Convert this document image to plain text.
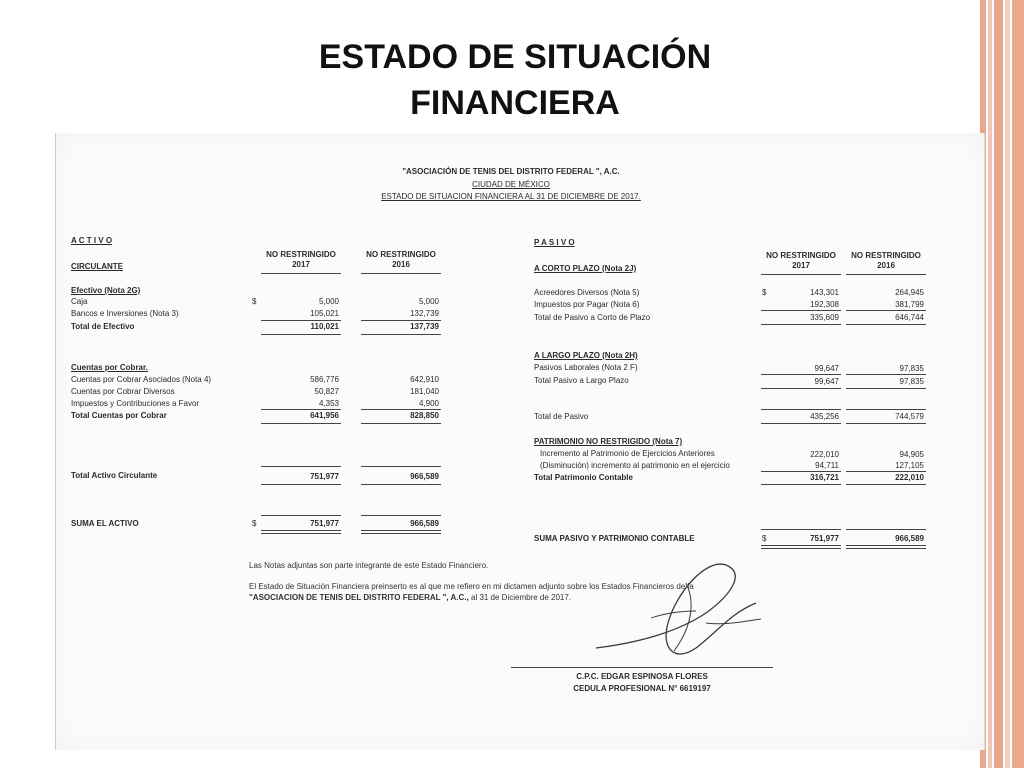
ESTADO DE SITUACIÓN
FINANCIERA
"ASOCIACIÓN DE TENIS DEL DISTRITO FEDERAL ", A.C.
CIUDAD DE MÉXICO
ESTADO DE SITUACION FINANCIERA AL 31 DE DICIEMBRE DE 2017.
A C T I V O
CIRCULANTE
NO RESTRINGIDO
2017
NO RESTRINGIDO
2016
Efectivo (Nota 2G)
$
Caja	5,000	5,000
Bancos e Inversiones (Nota 3)	105,021	132,739
Total de Efectivo	110,021	137,739
Cuentas por Cobrar.
Cuentas por Cobrar Asociados (Nota 4)	586,776	642,910
Cuentas por Cobrar Diversos	50,827	181,040
Impuestos y Contribuciones a Favor	4,353	4,900
Total Cuentas por Cobrar	641,956	828,850
Total Activo Circulante	751,977	966,589
SUMA EL ACTIVO	$	751,977	966,589
P A S I V O
NO RESTRINGIDO
2017
NO RESTRINGIDO
2016
A CORTO PLAZO (Nota 2J)
$
Acreedores Diversos (Nota 5)	143,301	264,945
Impuestos por Pagar (Nota 6)	192,308	381,799
Total de Pasivo a Corto de Plazo	335,609	646,744
A LARGO PLAZO (Nota 2H)
Pasivos Laborales (Nota 2 F)	99,647	97,835
Total Pasivo a Largo Plazo	99,647	97,835
Total de Pasivo	435,256	744,579
PATRIMONIO NO RESTRIGIDO (Nota 7)
Incremento al Patrimonio de Ejercicios Anteriores	222,010	94,905
(Disminución) incremento al patrimonio en el ejercicio	94,711	127,105
Total Patrimonio Contable	316,721	222,010
SUMA PASIVO Y PATRIMONIO CONTABLE	$	751,977	966,589
Las Notas adjuntas son parte integrante de este Estado Financiero.
El Estado de Situación Financiera preinserto es al que me refiero en mi dictamen adjunto sobre los Estados Financieros de la
"ASOCIACION DE TENIS DEL DISTRITO FEDERAL ", A.C., al 31 de Diciembre de 2017.
C.P.C. EDGAR ESPINOSA FLORES
CEDULA PROFESIONAL N° 6619197
